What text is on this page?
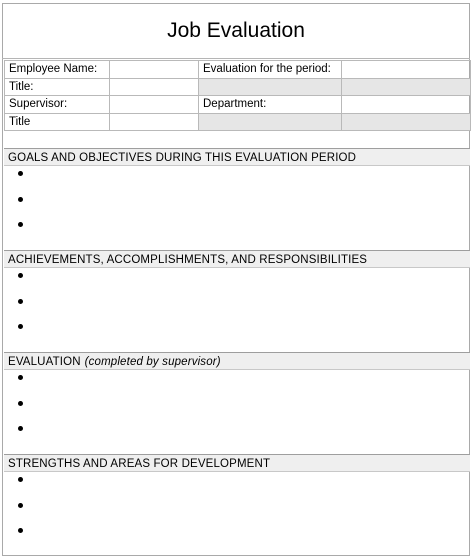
Job Evaluation
Employee Name:		Evaluation for the period:	
Title:			
Supervisor:		Department:	
Title			
GOALS AND OBJECTIVES DURING THIS EVALUATION PERIOD
ACHIEVEMENTS, ACCOMPLISHMENTS, AND RESPONSIBILITIES
EVALUATION (completed by supervisor)
STRENGTHS AND AREAS FOR DEVELOPMENT
